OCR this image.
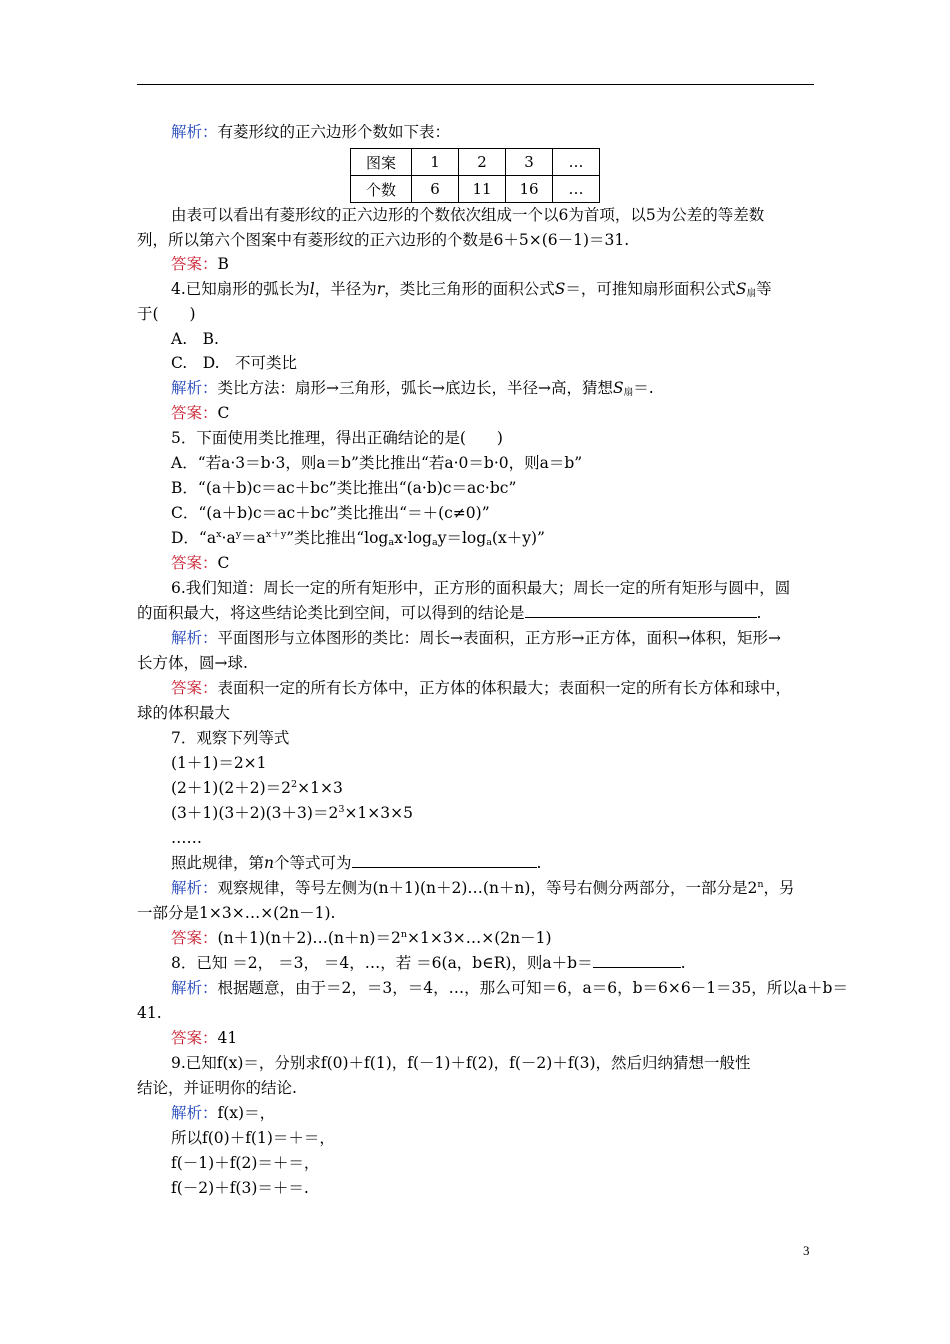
解析：有菱形纹的正六边形个数如下表：
图案	1	2	3	…
个数	6	11	16	…
由表可以看出有菱形纹的正六边形的个数依次组成一个以6为首项，以5为公差的等差数
列，所以第六个图案中有菱形纹的正六边形的个数是6＋5×(6－1)＝31.
答案：B
4.已知扇形的弧长为l，半径为r，类比三角形的面积公式S＝，可推知扇形面积公式$S_扇$等
于(　　)
A.　B.
C.　D.　不可类比
解析：类比方法：扇形→三角形，弧长→底边长，半径→高，猜想$S_扇=$.
答案：C
5．下面使用类比推理，得出正确结论的是(　　)
A．“若a·3＝b·3，则a＝b”类比推出“若a·0＝b·0，则a＝b”
B．“(a＋b)c＝ac＋bc”类比推出“(a·b)c＝ac·bc”
C．“(a＋b)c＝ac＋bc”类比推出“＝＋(c≠0)”
D．“$a^x\cdot a^y=a^{x+y}$”类比推出“$\log_ax\cdot\log_ay=\log_a(x+y)$”
答案：C
6.我们知道：周长一定的所有矩形中，正方形的面积最大；周长一定的所有矩形与圆中，圆
的面积最大，将这些结论类比到空间，可以得到的结论是	.
解析：平面图形与立体图形的类比：周长→表面积，正方形→正方体，面积→体积，矩形→
长方体，圆→球.
答案：表面积一定的所有长方体中，正方体的体积最大；表面积一定的所有长方体和球中，
球的体积最大
7．观察下列等式
(1＋1)＝2×1
$(2+1)(2+2)=2^2\times 1\times 3$
$(3+1)(3+2)(3+3)=2^3\times 1\times 3\times 5$
……
照此规律，第n个等式可为	.
解析：观察规律，等号左侧为(n＋1)(n＋2)…(n＋n)，等号右侧分两部分，一部分是2$^n$，另
一部分是1×3×…×(2n－1).
答案：$(n+1)(n+2)\dots(n+n)=2^n\times 1\times 3\times\dots\times(2n-1)$
8．已知 ＝2， ＝3， ＝4，…，若 ＝6(a，b∈R)，则a＋b＝	.
解析：根据题意，由于＝2，＝3，＝4，…，那么可知＝6，a＝6，b＝6×6－1＝35，所以a＋b＝
41.
答案：41
9.已知f(x)＝，分别求f(0)＋f(1)，f(－1)＋f(2)，f(－2)＋f(3)，然后归纳猜想一般性
结论，并证明你的结论.
解析：f(x)＝，
所以f(0)＋f(1)＝＋＝，
f(－1)＋f(2)＝＋＝，
f(－2)＋f(3)＝＋＝.
3
